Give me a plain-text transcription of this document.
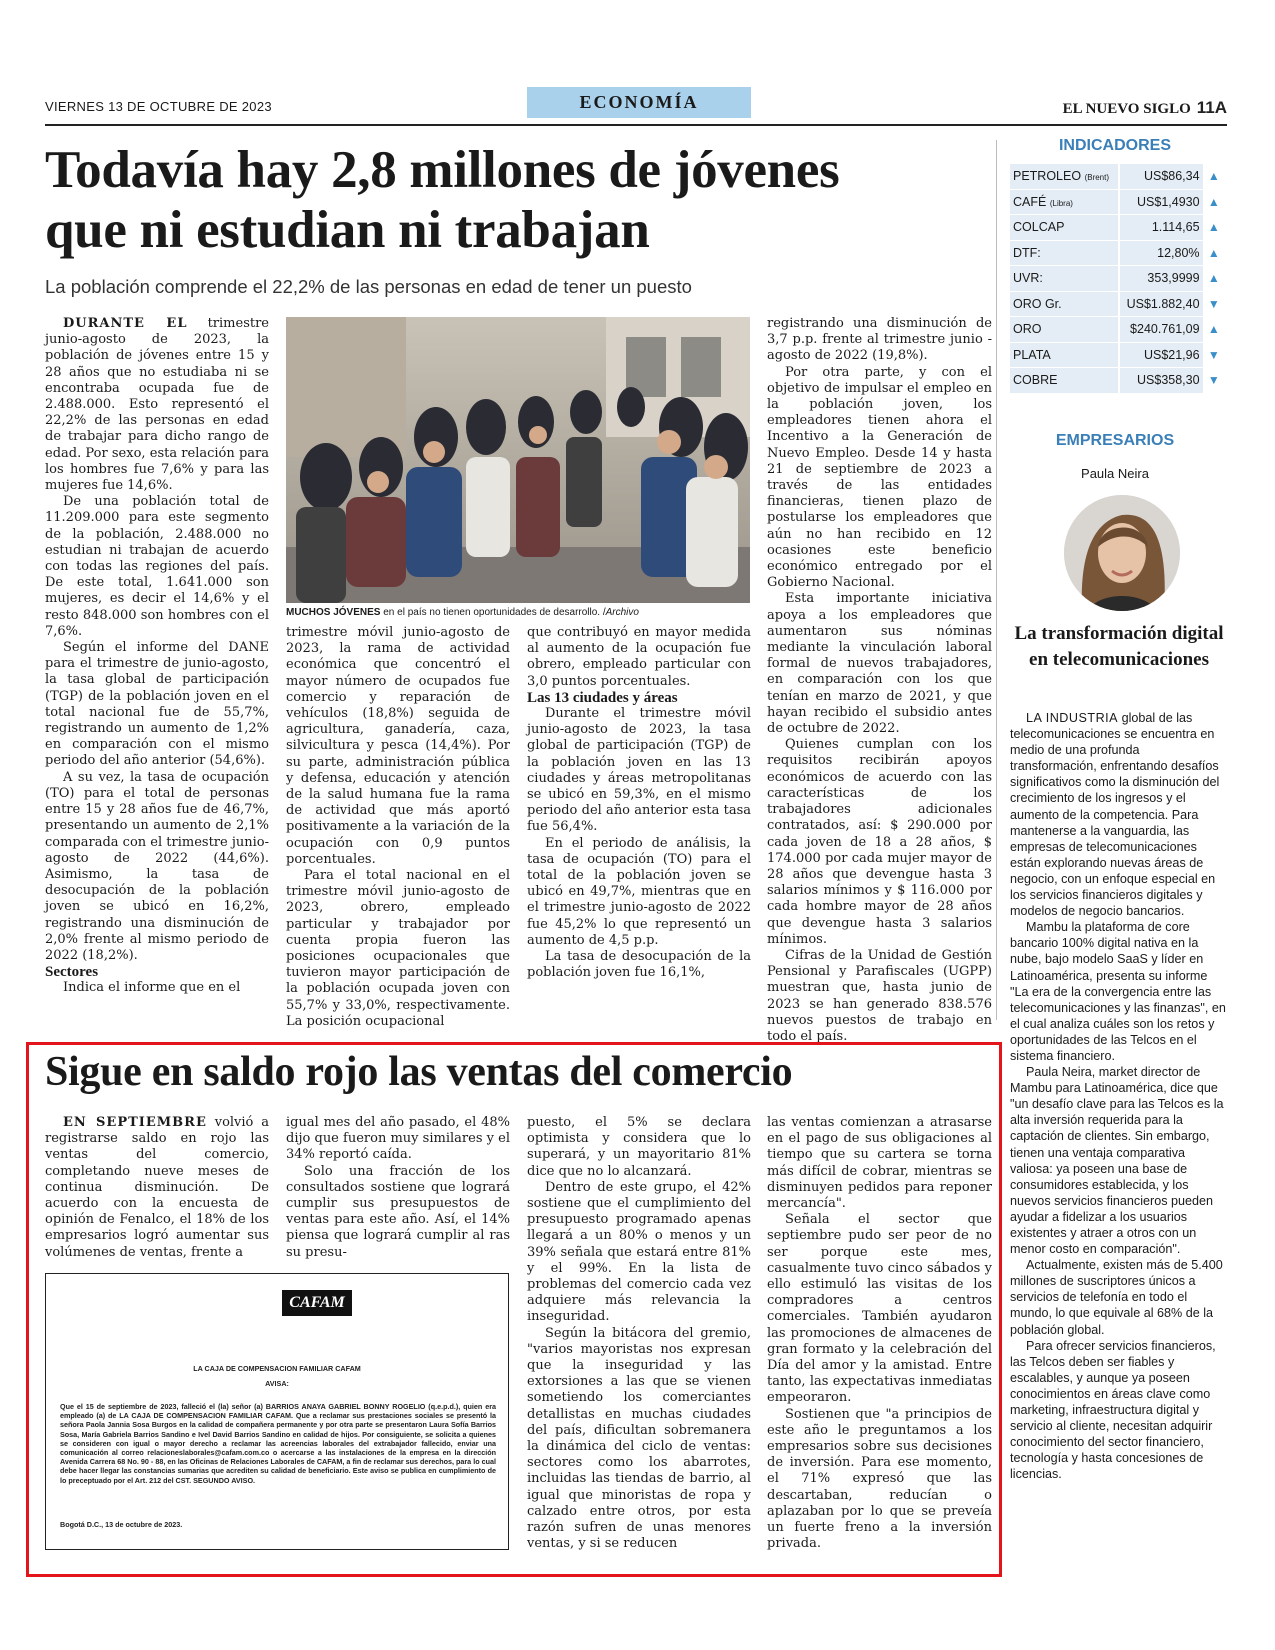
VIERNES 13 DE OCTUBRE DE 2023	ECONOMÍA	EL NUEVO SIGLO 11A
Todavía hay 2,8 millones de jóvenes
que ni estudian ni trabajan
La población comprende el 22,2% de las personas en edad de tener un puesto

DURANTE EL trimestre junio-agosto de 2023, la población de jóvenes entre 15 y 28 años que no estudiaba ni se encontraba ocupada fue de 2.488.000. Esto representó el 22,2% de las personas en edad de trabajar para dicho rango de edad. Por sexo, esta relación para los hombres fue 7,6% y para las mujeres fue 14,6%.

De una población total de 11.209.000 para este segmento de la población, 2.488.000 no estudian ni trabajan de acuerdo con todas las regiones del país. De este total, 1.641.000 son mujeres, es decir el 14,6% y el resto 848.000 son hombres con el 7,6%.

Según el informe del DANE para el trimestre de junio-agosto, la tasa global de participación (TGP) de la población joven en el total nacional fue de 55,7%, registrando un aumento de 1,2% en comparación con el mismo periodo del año anterior (54,6%).

A su vez, la tasa de ocupación (TO) para el total de personas entre 15 y 28 años fue de 46,7%, presentando un aumento de 2,1% comparada con el trimestre junio-agosto de 2022 (44,6%). Asimismo, la tasa de desocupación de la población joven se ubicó en 16,2%, registrando una disminución de 2,0% frente al mismo periodo de 2022 (18,2%).

Sectores

Indica el informe que en el

MUCHOS JÓVENES en el país no tienen oportunidades de desarrollo. /Archivo

trimestre móvil junio-agosto de 2023, la rama de actividad económica que concentró el mayor número de ocupados fue comercio y reparación de vehículos (18,8%) seguida de agricultura, ganadería, caza, silvicultura y pesca (14,4%). Por su parte, administración pública y defensa, educación y atención de la salud humana fue la rama de actividad que más aportó positivamente a la variación de la ocupación con 0,9 puntos porcentuales.

Para el total nacional en el trimestre móvil junio-agosto de 2023, obrero, empleado particular y trabajador por cuenta propia fueron las posiciones ocupacionales que tuvieron mayor participación de la población ocupada joven con 55,7% y 33,0%, respectivamente. La posición ocupacional

que contribuyó en mayor medida al aumento de la ocupación fue obrero, empleado particular con 3,0 puntos porcentuales.

Las 13 ciudades y áreas

Durante el trimestre móvil junio-agosto de 2023, la tasa global de participación (TGP) de la población joven en las 13 ciudades y áreas metropolitanas se ubicó en 59,3%, en el mismo periodo del año anterior esta tasa fue 56,4%.

En el periodo de análisis, la tasa de ocupación (TO) para el total de la población joven se ubicó en 49,7%, mientras que en el trimestre junio-agosto de 2022 fue 45,2% lo que representó un aumento de 4,5 p.p.

La tasa de desocupación de la población joven fue 16,1%,

registrando una disminución de 3,7 p.p. frente al trimestre junio -agosto de 2022 (19,8%).

Por otra parte, y con el objetivo de impulsar el empleo en la población joven, los empleadores tienen ahora el Incentivo a la Generación de Nuevo Empleo. Desde 14 y hasta 21 de septiembre de 2023 a través de las entidades financieras, tienen plazo de postularse los empleadores que aún no han recibido en 12 ocasiones este beneficio económico entregado por el Gobierno Nacional.

Esta importante iniciativa apoya a los empleadores que aumentaron sus nóminas mediante la vinculación laboral formal de nuevos trabajadores, en comparación con los que tenían en marzo de 2021, y que hayan recibido el subsidio antes de octubre de 2022.

Quienes cumplan con los requisitos recibirán apoyos económicos de acuerdo con las características de los trabajadores adicionales contratados, así: $ 290.000 por cada joven de 18 a 28 años, $ 174.000 por cada mujer mayor de 28 años que devengue hasta 3 salarios mínimos y $ 116.000 por cada hombre mayor de 28 años que devengue hasta 3 salarios mínimos.

Cifras de la Unidad de Gestión Pensional y Parafiscales (UGPP) muestran que, hasta junio de 2023 se han generado 838.576 nuevos puestos de trabajo en todo el país.

INDICADORES
PETROLEO (Brent)	US$86,34	▲
CAFÉ (Libra)	US$1,4930	▲
COLCAP	1.114,65	▲
DTF:	12,80%	▲
UVR:	353,9999	▲
ORO Gr.	US$1.882,40	▼
ORO	$240.761,09	▲
PLATA	US$21,96	▼
COBRE	US$358,30	▼
EMPRESARIOS
Paula Neira
La transformación digital en telecomunicaciones

LA INDUSTRIA global de las telecomunicaciones se encuentra en medio de una profunda transformación, enfrentando desafíos significativos como la disminución del crecimiento de los ingresos y el aumento de la competencia. Para mantenerse a la vanguardia, las empresas de telecomunicaciones están explorando nuevas áreas de negocio, con un enfoque especial en los servicios financieros digitales y modelos de negocio bancarios.

Mambu la plataforma de core bancario 100% digital nativa en la nube, bajo modelo SaaS y líder en Latinoamérica, presenta su informe "La era de la convergencia entre las telecomunicaciones y las finanzas", en el cual analiza cuáles son los retos y oportunidades de las Telcos en el sistema financiero.

Paula Neira, market director de Mambu para Latinoamérica, dice que "un desafío clave para las Telcos es la alta inversión requerida para la captación de clientes. Sin embargo, tienen una ventaja comparativa valiosa: ya poseen una base de consumidores establecida, y los nuevos servicios financieros pueden ayudar a fidelizar a los usuarios existentes y atraer a otros con un menor costo en comparación".

Actualmente, existen más de 5.400 millones de suscriptores únicos a servicios de telefonía en todo el mundo, lo que equivale al 68% de la población global.

Para ofrecer servicios financieros, las Telcos deben ser fiables y escalables, y aunque ya poseen conocimientos en áreas clave como marketing, infraestructura digital y servicio al cliente, necesitan adquirir conocimiento del sector financiero, tecnología y hasta concesiones de licencias.

Sigue en saldo rojo las ventas del comercio

EN SEPTIEMBRE volvió a registrarse saldo en rojo las ventas del comercio, completando nueve meses de continua disminución. De acuerdo con la encuesta de opinión de Fenalco, el 18% de los empresarios logró aumentar sus volúmenes de ventas, frente a

igual mes del año pasado, el 48% dijo que fueron muy similares y el 34% reportó caída.

Solo una fracción de los consultados sostiene que logrará cumplir sus presupuestos de ventas para este año. Así, el 14% piensa que logrará cumplir al ras su presu-

puesto, el 5% se declara optimista y considera que lo superará, y un mayoritario 81% dice que no lo alcanzará.

Dentro de este grupo, el 42% sostiene que el cumplimiento del presupuesto programado apenas llegará a un 80% o menos y un 39% señala que estará entre 81% y el 99%. En la lista de problemas del comercio cada vez adquiere más relevancia la inseguridad.

Según la bitácora del gremio, "varios mayoristas nos expresan que la inseguridad y las extorsiones a las que se vienen sometiendo los comerciantes detallistas en muchas ciudades del país, dificultan sobremanera la dinámica del ciclo de ventas: sectores como los abarrotes, incluidas las tiendas de barrio, al igual que minoristas de ropa y calzado entre otros, por esta razón sufren de unas menores ventas, y si se reducen

las ventas comienzan a atrasarse en el pago de sus obligaciones al tiempo que su cartera se torna más difícil de cobrar, mientras se disminuyen pedidos para reponer mercancía".

Señala el sector que septiembre pudo ser peor de no ser porque este mes, casualmente tuvo cinco sábados y ello estimuló las visitas de los compradores a centros comerciales. También ayudaron las promociones de almacenes de gran formato y la celebración del Día del amor y la amistad. Entre tanto, las expectativas inmediatas empeoraron.

Sostienen que "a principios de este año le preguntamos a los empresarios sobre sus decisiones de inversión. Para ese momento, el 71% expresó que las descartaban, reducían o aplazaban por lo que se preveía un fuerte freno a la inversión privada.

CAFAM
LA CAJA DE COMPENSACION FAMILIAR CAFAM
AVISA:
Que el 15 de septiembre de 2023, falleció el (la) señor (a) BARRIOS ANAYA GABRIEL BONNY ROGELIO (q.e.p.d.), quien era empleado (a) de LA CAJA DE COMPENSACION FAMILIAR CAFAM. Que a reclamar sus prestaciones sociales se presentó la señora Paola Jannia Sosa Burgos en la calidad de compañera permanente y por otra parte se presentaron Laura Sofía Barrios Sosa, María Gabriela Barrios Sandino e Ivel David Barrios Sandino en calidad de hijos. Por consiguiente, se solicita a quienes se consideren con igual o mayor derecho a reclamar las acreencias laborales del extrabajador fallecido, enviar una comunicación al correo relacioneslaborales@cafam.com.co o acercarse a las instalaciones de la empresa en la dirección Avenida Carrera 68 No. 90 - 88, en las Oficinas de Relaciones Laborales de CAFAM, a fin de reclamar sus derechos, para lo cual debe hacer llegar las constancias sumarias que acrediten su calidad de beneficiario. Este aviso se publica en cumplimiento de lo preceptuado por el Art. 212 del CST. SEGUNDO AVISO.
Bogotá D.C., 13 de octubre de 2023.
